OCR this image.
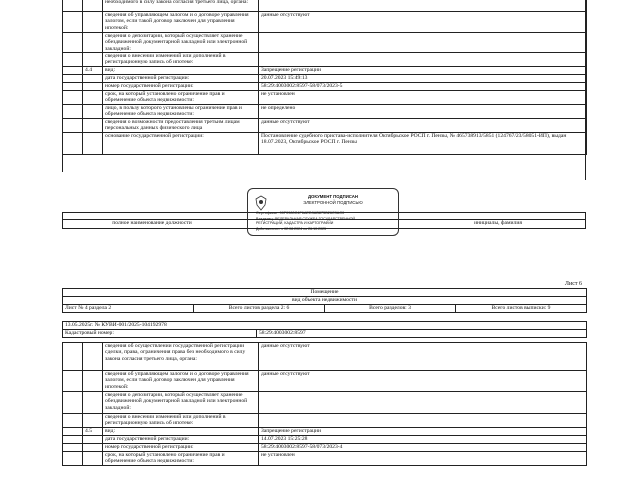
		необходимого в силу закона согласия третьего лица, органа:	
		сведения об управляющем залогом и о договоре управления залогом, если такой договор заключен для управления ипотекой:	данные отсутствуют
		сведения о депозитарии, который осуществляет хранение обездвиженной документарной закладной или электронной закладной:	
		сведения о внесении изменений или дополнений в регистрационную запись об ипотеке:	
	4.4	вид:	Запрещение регистрации
		дата государственной регистрации:	20.07.2023 15:49:13
		номер государственной регистрации:	58:29:4003002:8597-58/073/2023-5
		срок, на который установлено ограничение прав и обременение объекта недвижимости:	не установлен
		лицо, в пользу которого установлены ограничение прав и обременение объекта недвижимости:	не определено
		сведения о возможности предоставления третьим лицам персональных данных физического лица	данные отсутствуют
		основание государственной регистрации:	Постановление судебного пристава-исполнителя Октябрьское РОСП г. Пензы, № 465738913/5851 (124767/23/58051-ИП), выдан 18.07.2023, Октябрьское РОСП г. Пензы
полное наименование должности	инициалы, фамилия
ДОКУМЕНТ ПОДПИСАН
ЭЛЕКТРОННОЙ ПОДПИСЬЮ
Сертификат: 00F0980C4F6AED9AB875B26C9AC0
Владелец: ФЕДЕРАЛЬНАЯ СЛУЖБА ГОСУДАРСТВЕННОЙ РЕГИСТРАЦИИ, КАДАСТРА И КАРТОГРАФИИ
Действителен: с 02.08.2024 по 26.10.2025
Лист 6
Помещение
вид объекта недвижимости
Лист № 4 раздела 2	Всего листов раздела 2: 6	Всего разделов: 3	Всего листов выписки: 9
13.05.2025г. № КУВИ-001/2025-104192978
Кадастровый номер:	58:29:4003002:8597
		сведения об осуществлении государственной регистрации сделки, права, ограничения права без необходимого в силу закона согласия третьего лица, органа:	данные отсутствуют
		сведения об управляющем залогом и о договоре управления залогом, если такой договор заключен для управления ипотекой:	данные отсутствуют
		сведения о депозитарии, который осуществляет хранение обездвиженной документарной закладной или электронной закладной:	
		сведения о внесении изменений или дополнений в регистрационную запись об ипотеке:	
	4.5	вид:	Запрещение регистрации
		дата государственной регистрации:	14.07.2023 15:25:28
		номер государственной регистрации:	58:29:4003002:8597-58/073/2023-4
		срок, на который установлено ограничение прав и обременение объекта недвижимости:	не установлен
